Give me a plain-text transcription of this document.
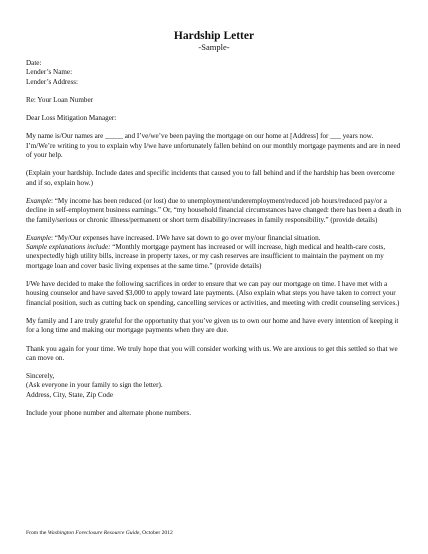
Hardship Letter
-Sample-
Date:
Lender’s Name:
Lender’s Address:

Re: Your Loan Number

Dear Loss Mitigation Manager:

My name is/Our names are _____ and I’ve/we’ve been paying the mortgage on our home at [Address] for ___ years now. I’m/We’re writing to you to explain why I/we have unfortunately fallen behind on our monthly mortgage payments and are in need of your help.

(Explain your hardship. Include dates and specific incidents that caused you to fall behind and if the hardship has been overcome and if so, explain how.)

Example: “My income has been reduced (or lost) due to unemployment/underemployment/reduced job hours/reduced pay/or a decline in self-employment business earnings.” Or, “my household financial circumstances have changed: there has been a death in the family/serious or chronic illness/permanent or short term disability/increases in family responsibility.” (provide details)

Example: “My/Our expenses have increased. I/We have sat down to go over my/our financial situation.
Sample explanations include: “Monthly mortgage payment has increased or will increase, high medical and health-care costs, unexpectedly high utility bills, increase in property taxes, or my cash reserves are insufficient to maintain the payment on my mortgage loan and cover basic living expenses at the same time.” (provide details)

I/We have decided to make the following sacrifices in order to ensure that we can pay our mortgage on time. I have met with a housing counselor and have saved $3,000 to apply toward late payments. (Also explain what steps you have taken to correct your financial position, such as cutting back on spending, cancelling services or activities, and meeting with credit counseling services.)

My family and I are truly grateful for the opportunity that you’ve given us to own our home and have every intention of keeping it for a long time and making our mortgage payments when they are due.

Thank you again for your time. We truly hope that you will consider working with us. We are anxious to get this settled so that we can move on.

Sincerely,
(Ask everyone in your family to sign the letter).
Address, City, State, Zip Code

Include your phone number and alternate phone numbers.

From the Washington Foreclosure Resource Guide, October 2012
